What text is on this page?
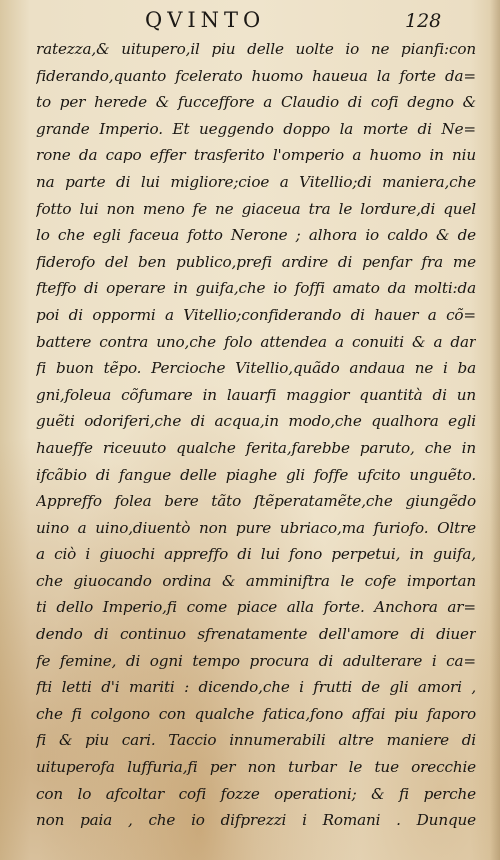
QVINTO	128
ratezza,& uitupero,il piu delle uolte io ne pianfi:con
fiderando,quanto fcelerato huomo haueua la forte da=
to per herede & fucceffore a Claudio di cofi degno &
grande Imperio. Et ueggendo doppo la morte di Ne=
rone da capo effer trasferito l'omperio a huomo in niu
na parte di lui migliore;cioe a Vitellio;di maniera,che
fotto lui non meno fe ne giaceua tra le lordure,di quel
lo che egli faceua fotto Nerone ; alhora io caldo & de
fiderofo del ben publico,prefi ardire di penfar fra me
fteffo di operare in guifa,che io foffi amato da molti:da
poi di oppormi a Vitellio;confiderando di hauer a cõ=
battere contra uno,che folo attendea a conuiti & a dar
fi buon tẽpo. Percioche Vitellio,quãdo andaua ne i ba
gni,foleua cõfumare in lauarfi maggior quantità di un
guẽti odoriferi,che di acqua,in modo,che qualhora egli
haueffe riceuuto qualche ferita,farebbe paruto, che in
ifcãbio di fangue delle piaghe gli foffe ufcito unguẽto.
Appreffo folea bere tãto ſtẽperatamẽte,che giungẽdo
uino a uino,diuentò non pure ubriaco,ma furiofo. Oltre
a ciò i giuochi appreffo di lui fono perpetui, in guifa,
che giuocando ordina & amminiftra le cofe importan
ti dello Imperio,fi come piace alla forte. Anchora ar=
dendo di continuo sfrenatamente dell'amore di diuer
fe femine, di ogni tempo procura di adulterare i ca=
fti letti d'i mariti : dicendo,che i frutti de gli amori ,
che fi colgono con qualche fatica,fono affai piu faporo
fi & piu cari. Taccio innumerabili altre maniere di
uituperofa luffuria,fi per non turbar le tue orecchie
con lo afcoltar cofi fozze operationi; & fi perche
non paia , che io difprezzi i Romani . Dunque
